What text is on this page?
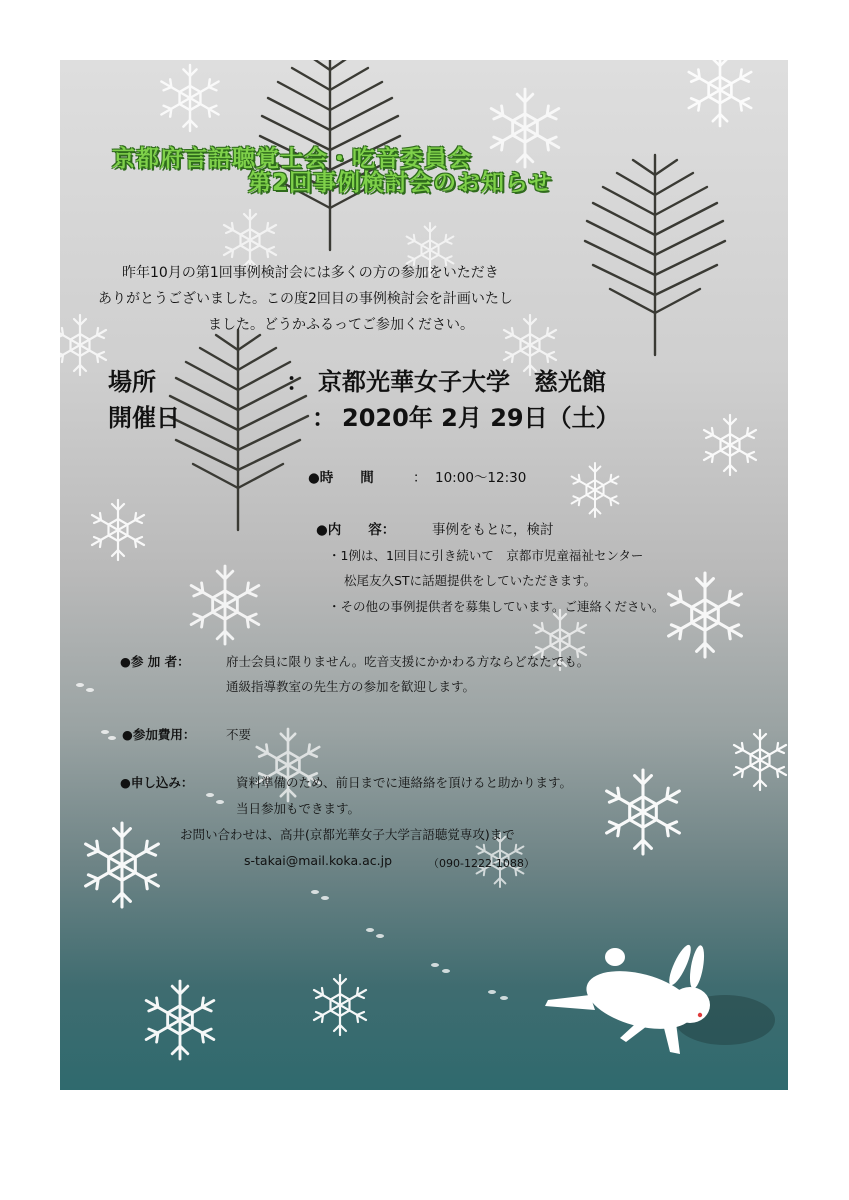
京都府言語聴覚士会・吃音委員会
第2回事例検討会のお知らせ
昨年10月の第1回事例検討会には多くの方の参加をいただき
ありがとうございました。この度2回目の事例検討会を計画いたし
ました。どうかふるってご参加ください。
場所	： 京都光華女子大学　慈光館
開催日	： 2020年 2月 29日（土）
●時　　間	： 10:00～12:30
●内　　容：	事例をもとに，検討
・1例は、1回目に引き続いて　京都市児童福祉センター
松尾友久STに話題提供をしていただきます。
・その他の事例提供者を募集しています。ご連絡ください。
●参 加 者：	府士会員に限りません。吃音支援にかかわる方ならどなたでも。
通級指導教室の先生方の参加を歓迎します。
●参加費用： 不要
●申し込み：	資料準備のため、前日までに連絡絡を頂けると助かります。
当日参加もできます。
お問い合わせは、高井(京都光華女子大学言語聴覚専攻)まで
s-takai@mail.koka.ac.jp	（090-1222-1088）
